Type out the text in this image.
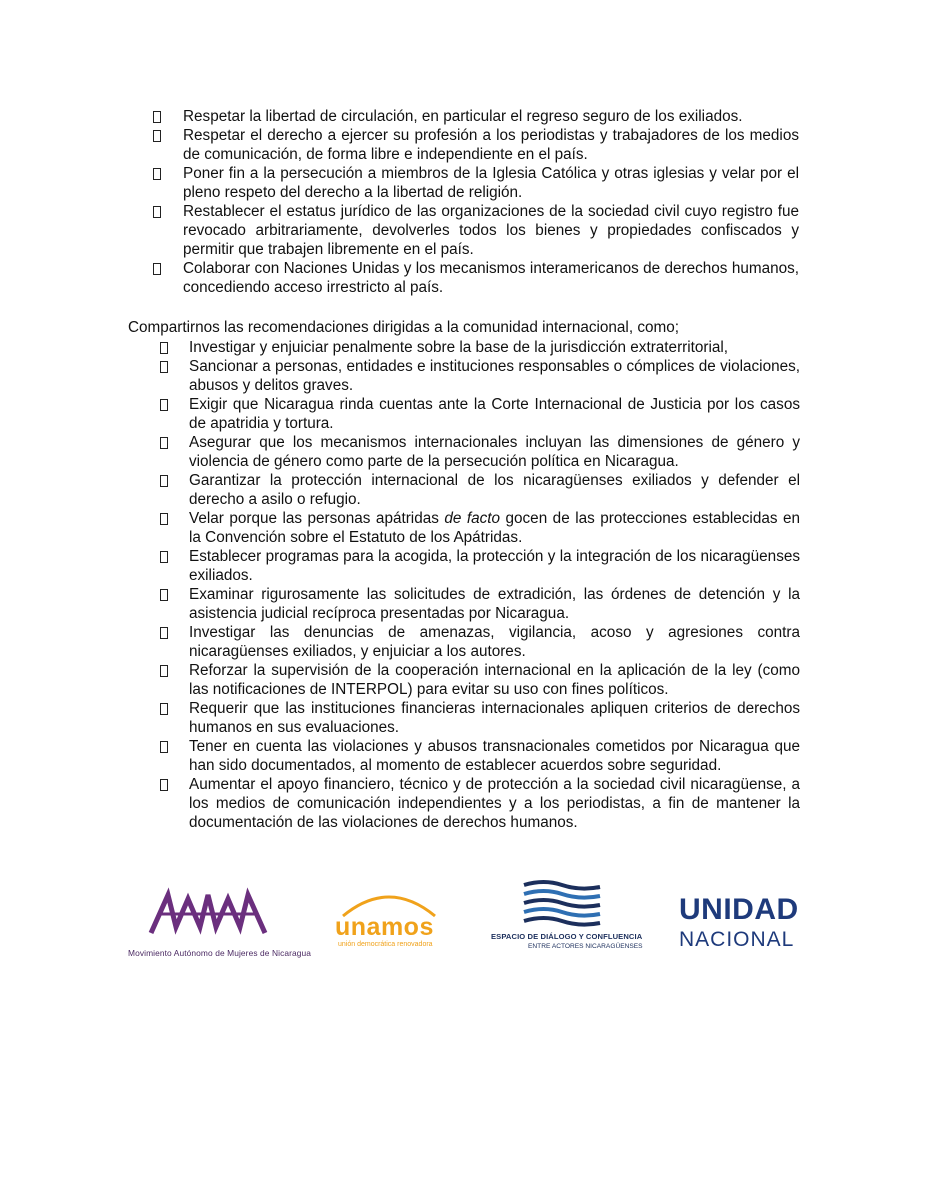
Respetar la libertad de circulación, en particular el regreso seguro de los exiliados.
Respetar el derecho a ejercer su profesión a los periodistas y trabajadores de los medios de comunicación, de forma libre e independiente en el país.
Poner fin a la persecución a miembros de la Iglesia Católica y otras iglesias y velar por el pleno respeto del derecho a la libertad de religión.
Restablecer el estatus jurídico de las organizaciones de la sociedad civil cuyo registro fue revocado arbitrariamente, devolverles todos los bienes y propiedades confiscados y permitir que trabajen libremente en el país.
Colaborar con Naciones Unidas y los mecanismos interamericanos de derechos humanos, concediendo acceso irrestricto al país.
Compartirnos las recomendaciones dirigidas a la comunidad internacional, como;
Investigar y enjuiciar penalmente sobre la base de la jurisdicción extraterritorial,
Sancionar a personas, entidades e instituciones responsables o cómplices de violaciones, abusos y delitos graves.
Exigir que Nicaragua rinda cuentas ante la Corte Internacional de Justicia por los casos de apatridia y tortura.
Asegurar que los mecanismos internacionales incluyan las dimensiones de género y violencia de género como parte de la persecución política en Nicaragua.
Garantizar la protección internacional de los nicaragüenses exiliados y defender el derecho a asilo o refugio.
Velar porque las personas apátridas de facto gocen de las protecciones establecidas en la Convención sobre el Estatuto de los Apátridas.
Establecer programas para la acogida, la protección y la integración de los nicaragüenses exiliados.
Examinar rigurosamente las solicitudes de extradición, las órdenes de detención y la asistencia judicial recíproca presentadas por Nicaragua.
Investigar las denuncias de amenazas, vigilancia, acoso y agresiones contra nicaragüenses exiliados, y enjuiciar a los autores.
Reforzar la supervisión de la cooperación internacional en la aplicación de la ley (como las notificaciones de INTERPOL) para evitar su uso con fines políticos.
Requerir que las instituciones financieras internacionales apliquen criterios de derechos humanos en sus evaluaciones.
Tener en cuenta las violaciones y abusos transnacionales cometidos por Nicaragua que han sido documentados, al momento de establecer acuerdos sobre seguridad.
Aumentar el apoyo financiero, técnico y de protección a la sociedad civil nicaragüense, a los medios de comunicación independientes y a los periodistas, a fin de mantener la documentación de las violaciones de derechos humanos.
Movimiento Autónomo de Mujeres de Nicaragua
unamos
unión democrática renovadora
ESPACIO DE DIÁLOGO Y CONFLUENCIA
ENTRE ACTORES NICARAGÜENSES
UNIDAD
NACIONAL
